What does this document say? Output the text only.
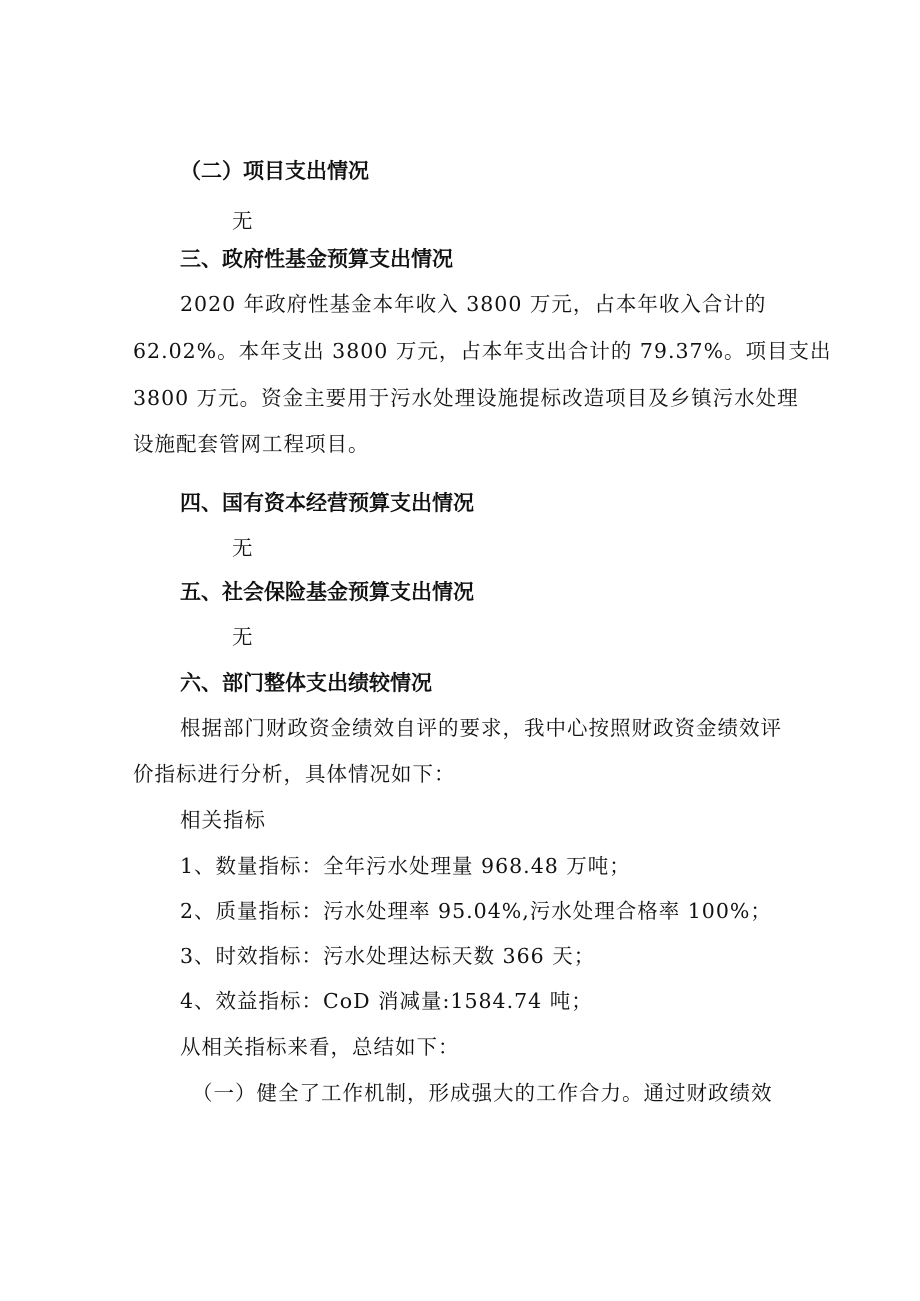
（二）项目支出情况
无
三、政府性基金预算支出情况
2020 年政府性基金本年收入 3800 万元，占本年收入合计的
62.02%。本年支出 3800 万元，占本年支出合计的 79.37%。项目支出
3800 万元。资金主要用于污水处理设施提标改造项目及乡镇污水处理
设施配套管网工程项目。
四、国有资本经营预算支出情况
无
五、社会保险基金预算支出情况
无
六、部门整体支出绩较情况
根据部门财政资金绩效自评的要求，我中心按照财政资金绩效评
价指标进行分析，具体情况如下：
相关指标
1、数量指标：全年污水处理量 968.48 万吨；
2、质量指标：污水处理率 95.04%,污水处理合格率 100%；
3、时效指标：污水处理达标天数 366 天；
4、效益指标：CoD 消减量:1584.74 吨；
从相关指标来看，总结如下：
（一）健全了工作机制，形成强大的工作合力。通过财政绩效
